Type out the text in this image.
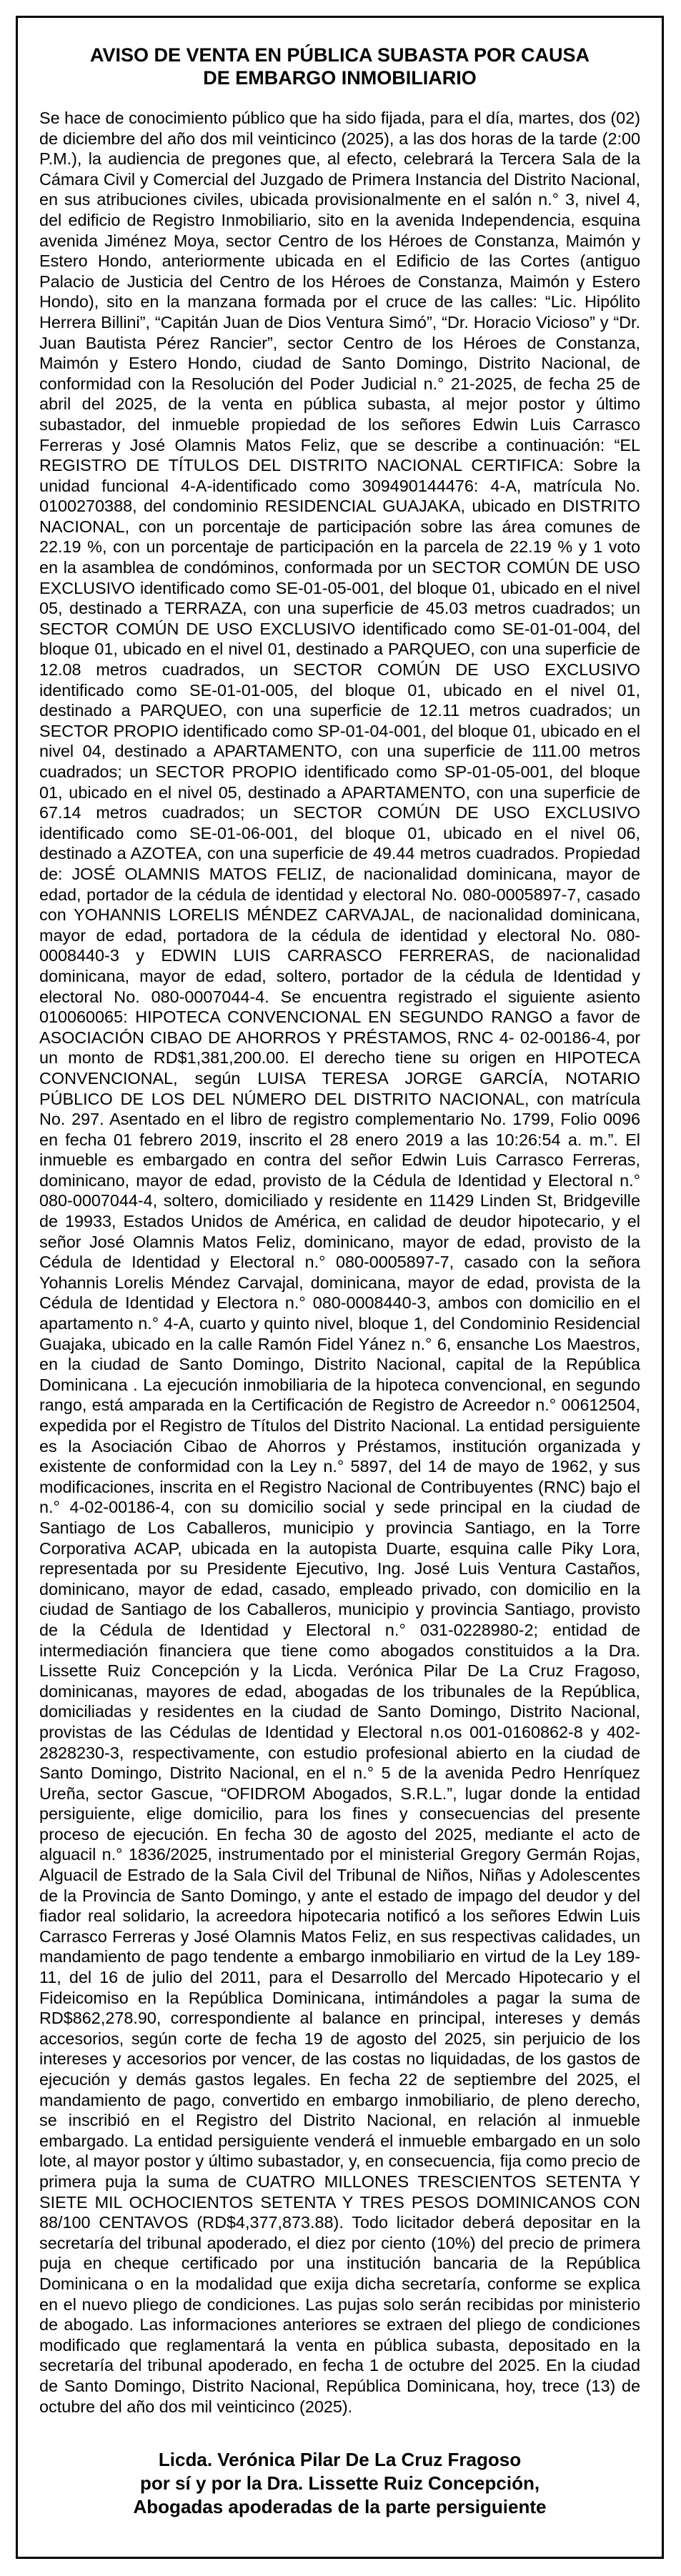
AVISO DE VENTA EN PÚBLICA SUBASTA POR CAUSA
DE EMBARGO INMOBILIARIO

Se hace de conocimiento público que ha sido fijada, para el día, martes, dos (02) de diciembre del año dos mil veinticinco (2025), a las dos horas de la tarde (2:00 P.M.), la audiencia de pregones que, al efecto, celebrará la Tercera Sala de la Cámara Civil y Comercial del Juzgado de Primera Instancia del Distrito Nacional, en sus atribuciones civiles, ubicada provisionalmente en el salón n.° 3, nivel 4, del edificio de Registro Inmobiliario, sito en la avenida Independencia, esquina avenida Jiménez Moya, sector Centro de los Héroes de Constanza, Maimón y Estero Hondo, anteriormente ubicada en el Edificio de las Cortes (antiguo Palacio de Justicia del Centro de los Héroes de Constanza, Maimón y Estero Hondo), sito en la manzana formada por el cruce de las calles: “Lic. Hipólito Herrera Billini”, “Capitán Juan de Dios Ventura Simó”, “Dr. Horacio Vicioso” y “Dr. Juan Bautista Pérez Rancier”, sector Centro de los Héroes de Constanza, Maimón y Estero Hondo, ciudad de Santo Domingo, Distrito Nacional, de conformidad con la Resolución del Poder Judicial n.° 21-2025, de fecha 25 de abril del 2025, de la venta en pública subasta, al mejor postor y último subastador, del inmueble propiedad de los señores Edwin Luis Carrasco Ferreras y José Olamnis Matos Feliz, que se describe a continuación: “EL REGISTRO DE TÍTULOS DEL DISTRITO NACIONAL CERTIFICA: Sobre la unidad funcional 4-A-identificado como 309490144476: 4-A, matrícula No. 0100270388, del condominio RESIDENCIAL GUAJAKA, ubicado en DISTRITO NACIONAL, con un porcentaje de participación sobre las área comunes de 22.19 %, con un porcentaje de participación en la parcela de 22.19 % y 1 voto en la asamblea de condóminos, conformada por un SECTOR COMÚN DE USO EXCLUSIVO identificado como SE-01-05-001, del bloque 01, ubicado en el nivel 05, destinado a TERRAZA, con una superficie de 45.03 metros cuadrados; un SECTOR COMÚN DE USO EXCLUSIVO identificado como SE-01-01-004, del bloque 01, ubicado en el nivel 01, destinado a PARQUEO, con una superficie de 12.08 metros cuadrados, un SECTOR COMÚN DE USO EXCLUSIVO identificado como SE-01-01-005, del bloque 01, ubicado en el nivel 01, destinado a PARQUEO, con una superficie de 12.11 metros cuadrados; un SECTOR PROPIO identificado como SP-01-04-001, del bloque 01, ubicado en el nivel 04, destinado a APARTAMENTO, con una superficie de 111.00 metros cuadrados; un SECTOR PROPIO identificado como SP-01-05-001, del bloque 01, ubicado en el nivel 05, destinado a APARTAMENTO, con una superficie de 67.14 metros cuadrados; un SECTOR COMÚN DE USO EXCLUSIVO identificado como SE-01-06-001, del bloque 01, ubicado en el nivel 06, destinado a AZOTEA, con una superficie de 49.44 metros cuadrados. Propiedad de: JOSÉ OLAMNIS MATOS FELIZ, de nacionalidad dominicana, mayor de edad, portador de la cédula de identidad y electoral No. 080-0005897-7, casado con YOHANNIS LORELIS MÉNDEZ CARVAJAL, de nacionalidad dominicana, mayor de edad, portadora de la cédula de identidad y electoral No. 080-0008440-3 y EDWIN LUIS CARRASCO FERRERAS, de nacionalidad dominicana, mayor de edad, soltero, portador de la cédula de Identidad y electoral No. 080-0007044-4. Se encuentra registrado el siguiente asiento 010060065: HIPOTECA CONVENCIONAL EN SEGUNDO RANGO a favor de ASOCIACIÓN CIBAO DE AHORROS Y PRÉSTAMOS, RNC 4- 02-00186-4, por un monto de RD$1,381,200.00. El derecho tiene su origen en HIPOTECA CONVENCIONAL, según LUISA TERESA JORGE GARCÍA, NOTARIO PÚBLICO DE LOS DEL NÚMERO DEL DISTRITO NACIONAL, con matrícula No. 297. Asentado en el libro de registro complementario No. 1799, Folio 0096 en fecha 01 febrero 2019, inscrito el 28 enero 2019 a las 10:26:54 a. m.”. El inmueble es embargado en contra del señor Edwin Luis Carrasco Ferreras, dominicano, mayor de edad, provisto de la Cédula de Identidad y Electoral n.° 080-0007044-4, soltero, domiciliado y residente en 11429 Linden St, Bridgeville de 19933, Estados Unidos de América, en calidad de deudor hipotecario, y el señor José Olamnis Matos Feliz, dominicano, mayor de edad, provisto de la Cédula de Identidad y Electoral n.° 080-0005897-7, casado con la señora Yohannis Lorelis Méndez Carvajal, dominicana, mayor de edad, provista de la Cédula de Identidad y Electora n.° 080-0008440-3, ambos con domicilio en el apartamento n.° 4-A, cuarto y quinto nivel, bloque 1, del Condominio Residencial Guajaka, ubicado en la calle Ramón Fidel Yánez n.° 6, ensanche Los Maestros, en la ciudad de Santo Domingo, Distrito Nacional, capital de la República Dominicana . La ejecución inmobiliaria de la hipoteca convencional, en segundo rango, está amparada en la Certificación de Registro de Acreedor n.° 00612504, expedida por el Registro de Títulos del Distrito Nacional. La entidad persiguiente es la Asociación Cibao de Ahorros y Préstamos, institución organizada y existente de conformidad con la Ley n.° 5897, del 14 de mayo de 1962, y sus modificaciones, inscrita en el Registro Nacional de Contribuyentes (RNC) bajo el n.° 4-02-00186-4, con su domicilio social y sede principal en la ciudad de Santiago de Los Caballeros, municipio y provincia Santiago, en la Torre Corporativa ACAP, ubicada en la autopista Duarte, esquina calle Piky Lora, representada por su Presidente Ejecutivo, Ing. José Luis Ventura Castaños, dominicano, mayor de edad, casado, empleado privado, con domicilio en la ciudad de Santiago de los Caballeros, municipio y provincia Santiago, provisto de la Cédula de Identidad y Electoral n.° 031-0228980-2; entidad de intermediación financiera que tiene como abogados constituidos a la Dra. Lissette Ruiz Concepción y la Licda. Verónica Pilar De La Cruz Fragoso, dominicanas, mayores de edad, abogadas de los tribunales de la República, domiciliadas y residentes en la ciudad de Santo Domingo, Distrito Nacional, provistas de las Cédulas de Identidad y Electoral n.os 001-0160862-8 y 402-2828230-3, respectivamente, con estudio profesional abierto en la ciudad de Santo Domingo, Distrito Nacional, en el n.° 5 de la avenida Pedro Henríquez Ureña, sector Gascue, “OFIDROM Abogados, S.R.L.”, lugar donde la entidad persiguiente, elige domicilio, para los fines y consecuencias del presente proceso de ejecución. En fecha 30 de agosto del 2025, mediante el acto de alguacil n.° 1836/2025, instrumentado por el ministerial Gregory Germán Rojas, Alguacil de Estrado de la Sala Civil del Tribunal de Niños, Niñas y Adolescentes de la Provincia de Santo Domingo, y ante el estado de impago del deudor y del fiador real solidario, la acreedora hipotecaria notificó a los señores Edwin Luis Carrasco Ferreras y José Olamnis Matos Feliz, en sus respectivas calidades, un mandamiento de pago tendente a embargo inmobiliario en virtud de la Ley 189-11, del 16 de julio del 2011, para el Desarrollo del Mercado Hipotecario y el Fideicomiso en la República Dominicana, intimándoles a pagar la suma de RD$862,278.90, correspondiente al balance en principal, intereses y demás accesorios, según corte de fecha 19 de agosto del 2025, sin perjuicio de los intereses y accesorios por vencer, de las costas no liquidadas, de los gastos de ejecución y demás gastos legales. En fecha 22 de septiembre del 2025, el mandamiento de pago, convertido en embargo inmobiliario, de pleno derecho, se inscribió en el Registro del Distrito Nacional, en relación al inmueble embargado. La entidad persiguiente venderá el inmueble embargado en un solo lote, al mayor postor y último subastador, y, en consecuencia, fija como precio de primera puja la suma de CUATRO MILLONES TRESCIENTOS SETENTA Y SIETE MIL OCHOCIENTOS SETENTA Y TRES PESOS DOMINICANOS CON 88/100 CENTAVOS (RD$4,377,873.88). Todo licitador deberá depositar en la secretaría del tribunal apoderado, el diez por ciento (10%) del precio de primera puja en cheque certificado por una institución bancaria de la República Dominicana o en la modalidad que exija dicha secretaría, conforme se explica en el nuevo pliego de condiciones. Las pujas solo serán recibidas por ministerio de abogado. Las informaciones anteriores se extraen del pliego de condiciones modificado que reglamentará la venta en pública subasta, depositado en la secretaría del tribunal apoderado, en fecha 1 de octubre del 2025. En la ciudad de Santo Domingo, Distrito Nacional, República Dominicana, hoy, trece (13) de octubre del año dos mil veinticinco (2025).

Licda. Verónica Pilar De La Cruz Fragoso
por sí y por la Dra. Lissette Ruiz Concepción,
Abogadas apoderadas de la parte persiguiente
